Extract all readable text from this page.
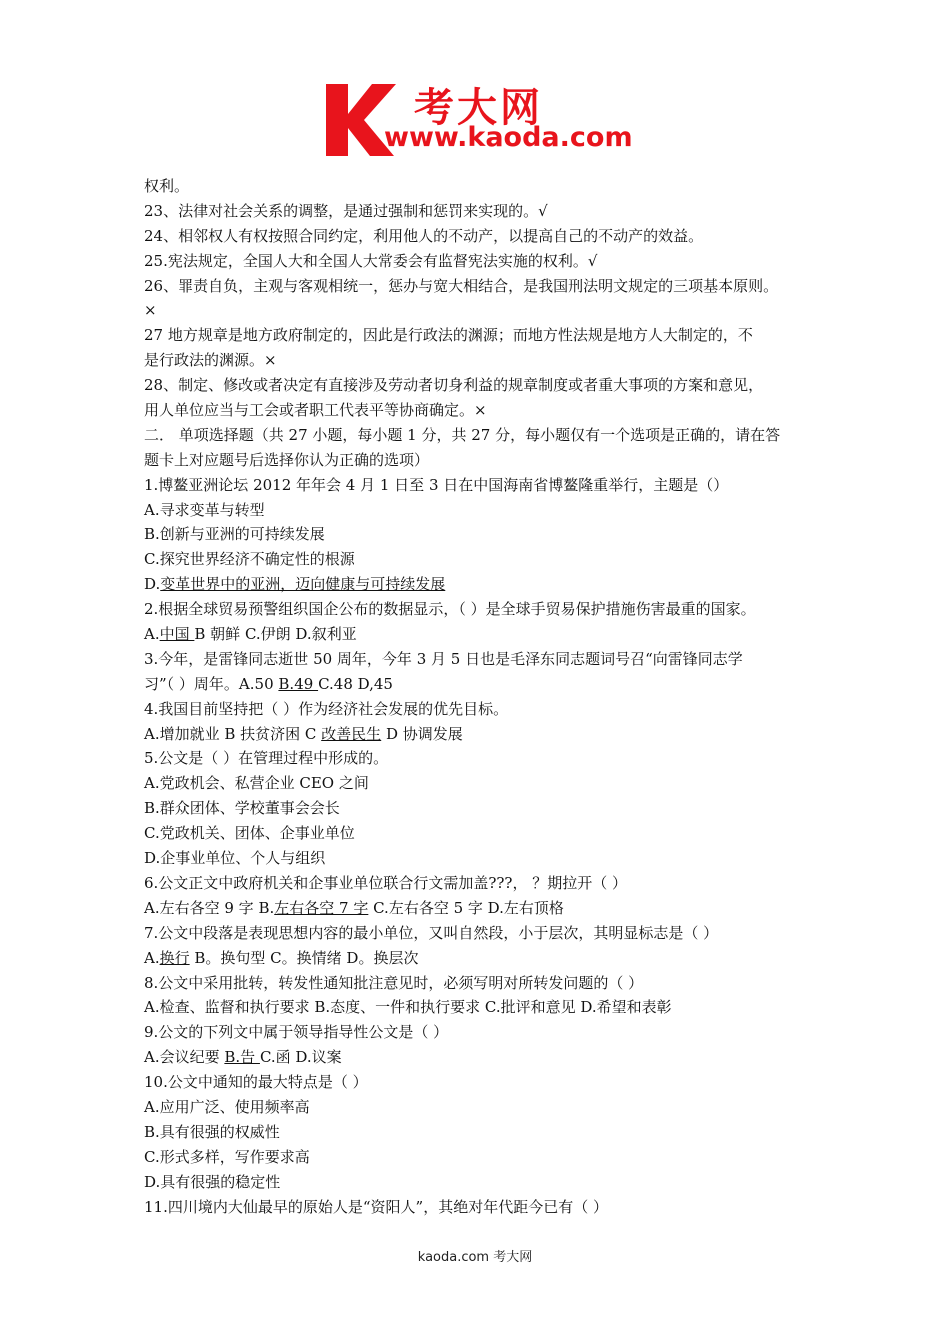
考大网
www.kaoda.com
权利。
23、法律对社会关系的调整，是通过强制和惩罚来实现的。√
24、相邻权人有权按照合同约定，利用他人的不动产，以提高自己的不动产的效益。
25.宪法规定，全国人大和全国人大常委会有监督宪法实施的权利。√
26、罪责自负，主观与客观相统一，惩办与宽大相结合，是我国刑法明文规定的三项基本原则。
×
27 地方规章是地方政府制定的，因此是行政法的渊源；而地方性法规是地方人大制定的，不
是行政法的渊源。×
28、制定、修改或者决定有直接涉及劳动者切身利益的规章制度或者重大事项的方案和意见，
用人单位应当与工会或者职工代表平等协商确定。×
二． 单项选择题（共 27 小题，每小题 1 分，共 27 分，每小题仅有一个选项是正确的，请在答
题卡上对应题号后选择你认为正确的选项）
1.博鳌亚洲论坛 2012 年年会 4 月 1 日至 3 日在中国海南省博鳌隆重举行，主题是（）
A.寻求变革与转型
B.创新与亚洲的可持续发展
C.探究世界经济不确定性的根源
D.变革世界中的亚洲，迈向健康与可持续发展
2.根据全球贸易预警组织国企公布的数据显示，（ ）是全球手贸易保护措施伤害最重的国家。
A.中国 B 朝鲜 C.伊朗 D.叙利亚
3.今年，是雷锋同志逝世 50 周年，今年 3 月 5 日也是毛泽东同志题词号召“向雷锋同志学
习”（ ）周年。A.50 B.49 C.48 D,45
4.我国目前坚持把（ ）作为经济社会发展的优先目标。
A.增加就业 B 扶贫济困 C 改善民生 D 协调发展
5.公文是（ ）在管理过程中形成的。
A.党政机会、私营企业 CEO 之间
B.群众团体、学校董事会会长
C.党政机关、团体、企事业单位
D.企事业单位、个人与组织
6.公文正文中政府机关和企事业单位联合行文需加盖???， ？期拉开（ ）
A.左右各空 9 字 B.左右各空 7 字 C.左右各空 5 字 D.左右顶格
7.公文中段落是表现思想内容的最小单位，又叫自然段，小于层次，其明显标志是（ ）
A.换行 B。换句型 C。换情绪 D。换层次
8.公文中采用批转，转发性通知批注意见时，必须写明对所转发问题的（ ）
A.检查、监督和执行要求 B.态度、一件和执行要求 C.批评和意见 D.希望和表彰
9.公文的下列文中属于领导指导性公文是（ ）
A.会议纪要 B.告 C.函 D.议案
10.公文中通知的最大特点是（ ）
A.应用广泛、使用频率高
B.具有很强的权威性
C.形式多样，写作要求高
D.具有很强的稳定性
11.四川境内大仙最早的原始人是“资阳人”，其绝对年代距今已有（ ）
kaoda.com 考大网
